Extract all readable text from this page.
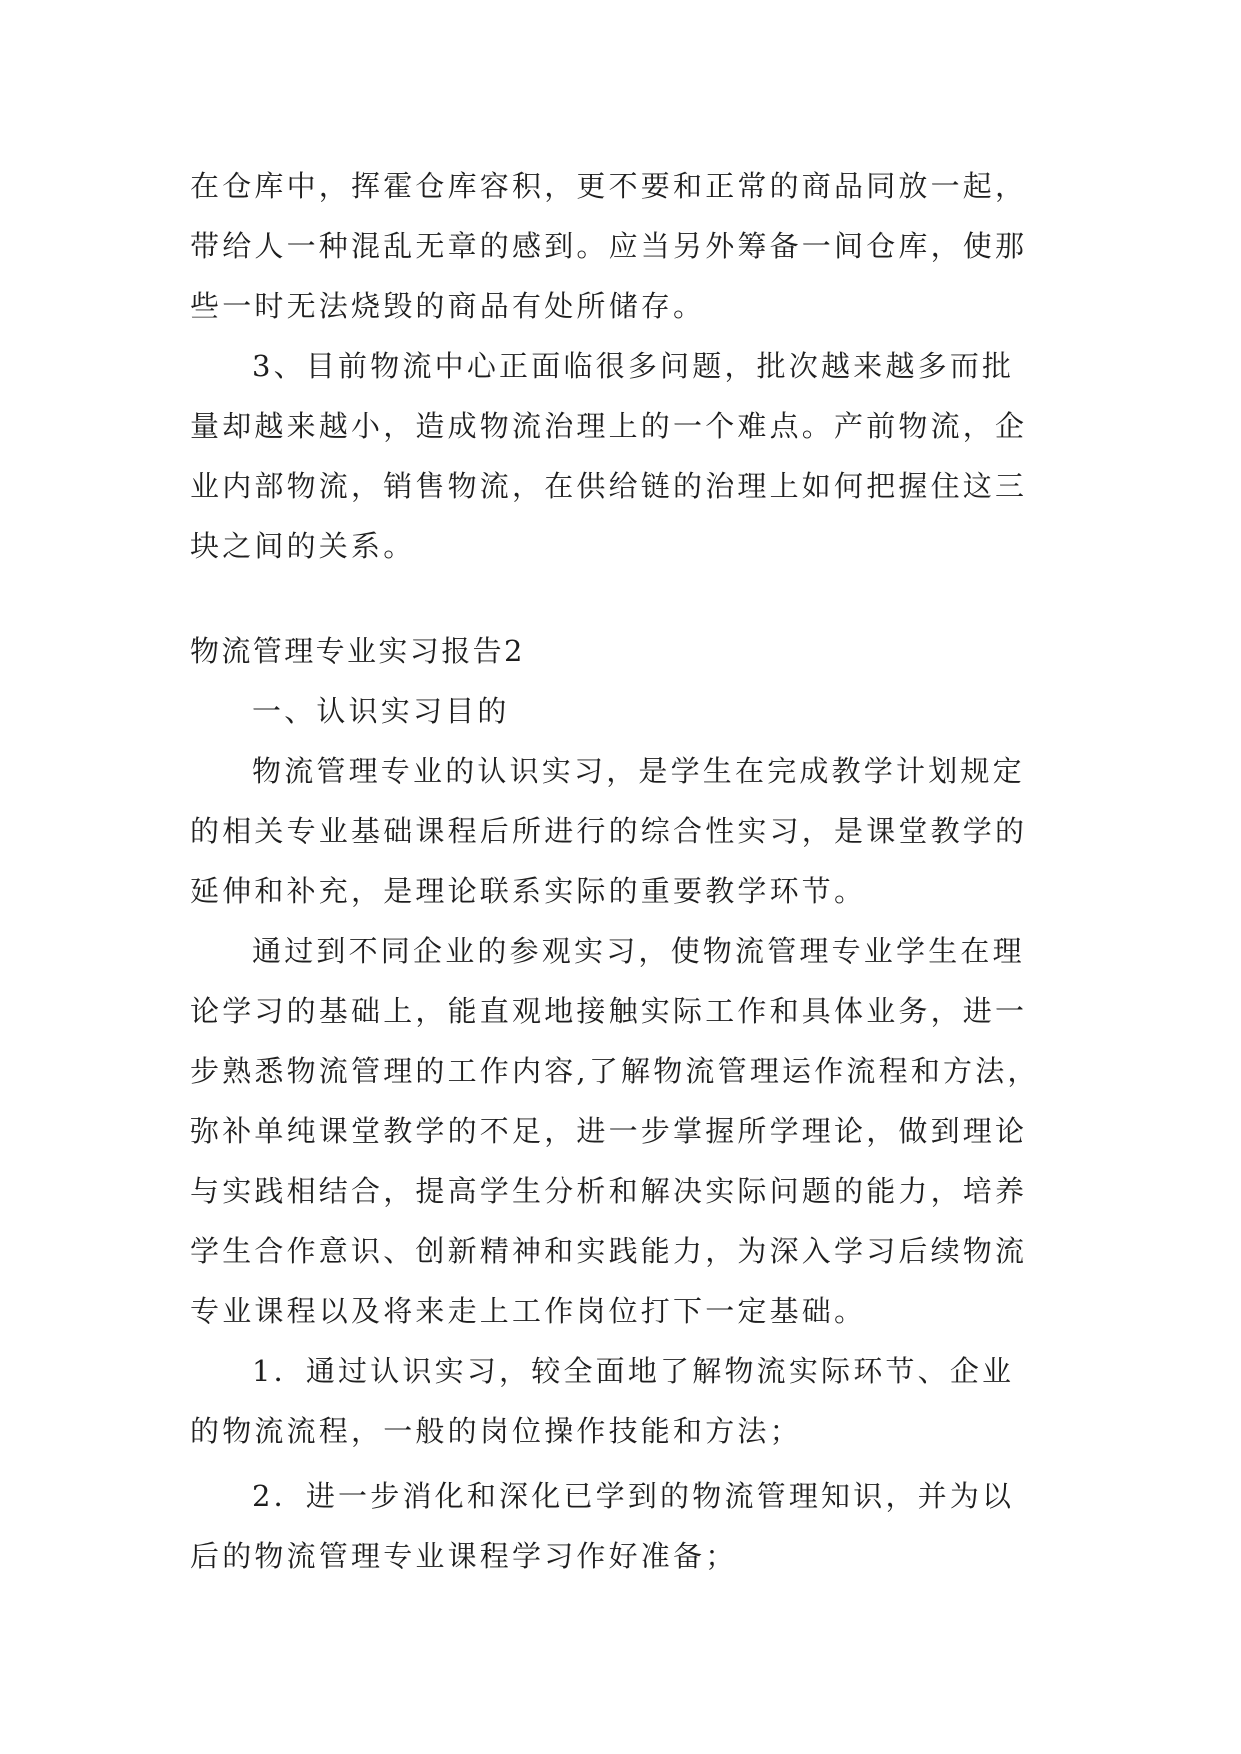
在仓库中，挥霍仓库容积，更不要和正常的商品同放一起，
带给人一种混乱无章的感到。应当另外筹备一间仓库，使那
些一时无法烧毁的商品有处所储存。
3、目前物流中心正面临很多问题，批次越来越多而批
量却越来越小，造成物流治理上的一个难点。产前物流，企
业内部物流，销售物流，在供给链的治理上如何把握住这三
块之间的关系。
物流管理专业实习报告2
一、认识实习目的
物流管理专业的认识实习，是学生在完成教学计划规定
的相关专业基础课程后所进行的综合性实习，是课堂教学的
延伸和补充，是理论联系实际的重要教学环节。
通过到不同企业的参观实习，使物流管理专业学生在理
论学习的基础上，能直观地接触实际工作和具体业务，进一
步熟悉物流管理的工作内容,了解物流管理运作流程和方法，
弥补单纯课堂教学的不足，进一步掌握所学理论，做到理论
与实践相结合，提高学生分析和解决实际问题的能力，培养
学生合作意识、创新精神和实践能力，为深入学习后续物流
专业课程以及将来走上工作岗位打下一定基础。
1．通过认识实习，较全面地了解物流实际环节、企业
的物流流程，一般的岗位操作技能和方法；
2．进一步消化和深化已学到的物流管理知识，并为以
后的物流管理专业课程学习作好准备；
